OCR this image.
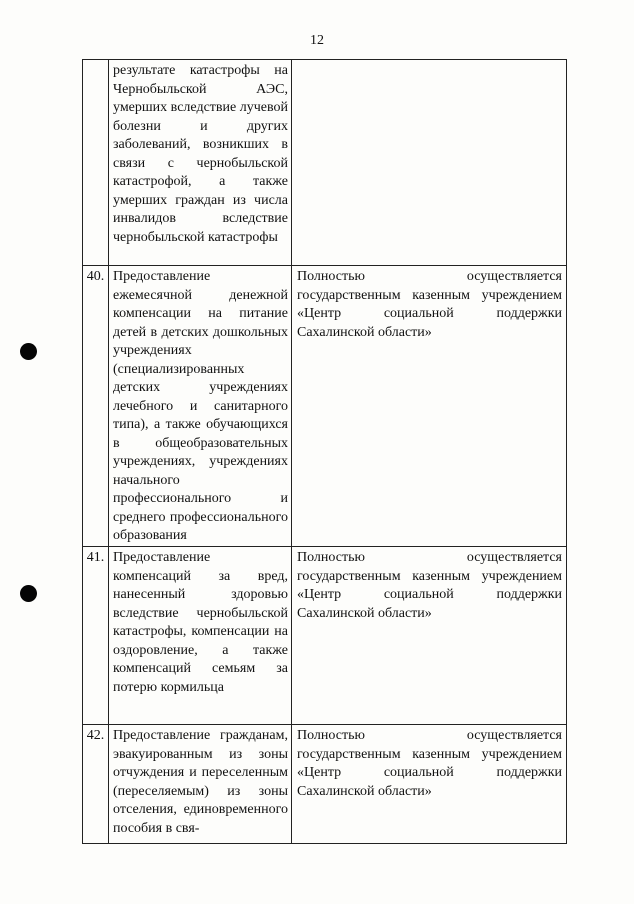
12
	результате катастрофы на Чернобыльской АЭС, умерших вследствие лучевой болезни и других заболеваний, возникших в связи с чернобыльской катастрофой, а также умерших граждан из числа инвалидов вследствие чернобыльской катастрофы	
40.	Предоставление ежемесячной денежной компенсации на питание детей в детских дошкольных учреждениях (специализированных детских учреждениях лечебного и санитарного типа), а также обучающихся в общеобразовательных учреждениях, учреждениях начального профессионального и среднего профессионального образования	Полностью осуществляется государственным казенным учреждением «Центр социальной поддержки Сахалинской области»
41.	Предоставление компенсаций за вред, нанесенный здоровью вследствие чернобыльской катастрофы, компенсации на оздоровление, а также компенсаций семьям за потерю кормильца	Полностью осуществляется государственным казенным учреждением «Центр социальной поддержки Сахалинской области»
42.	Предоставление гражданам, эвакуированным из зоны отчуждения и переселенным (переселяемым) из зоны отселения, единовременного пособия в свя-	Полностью осуществляется государственным казенным учреждением «Центр социальной поддержки Сахалинской области»
